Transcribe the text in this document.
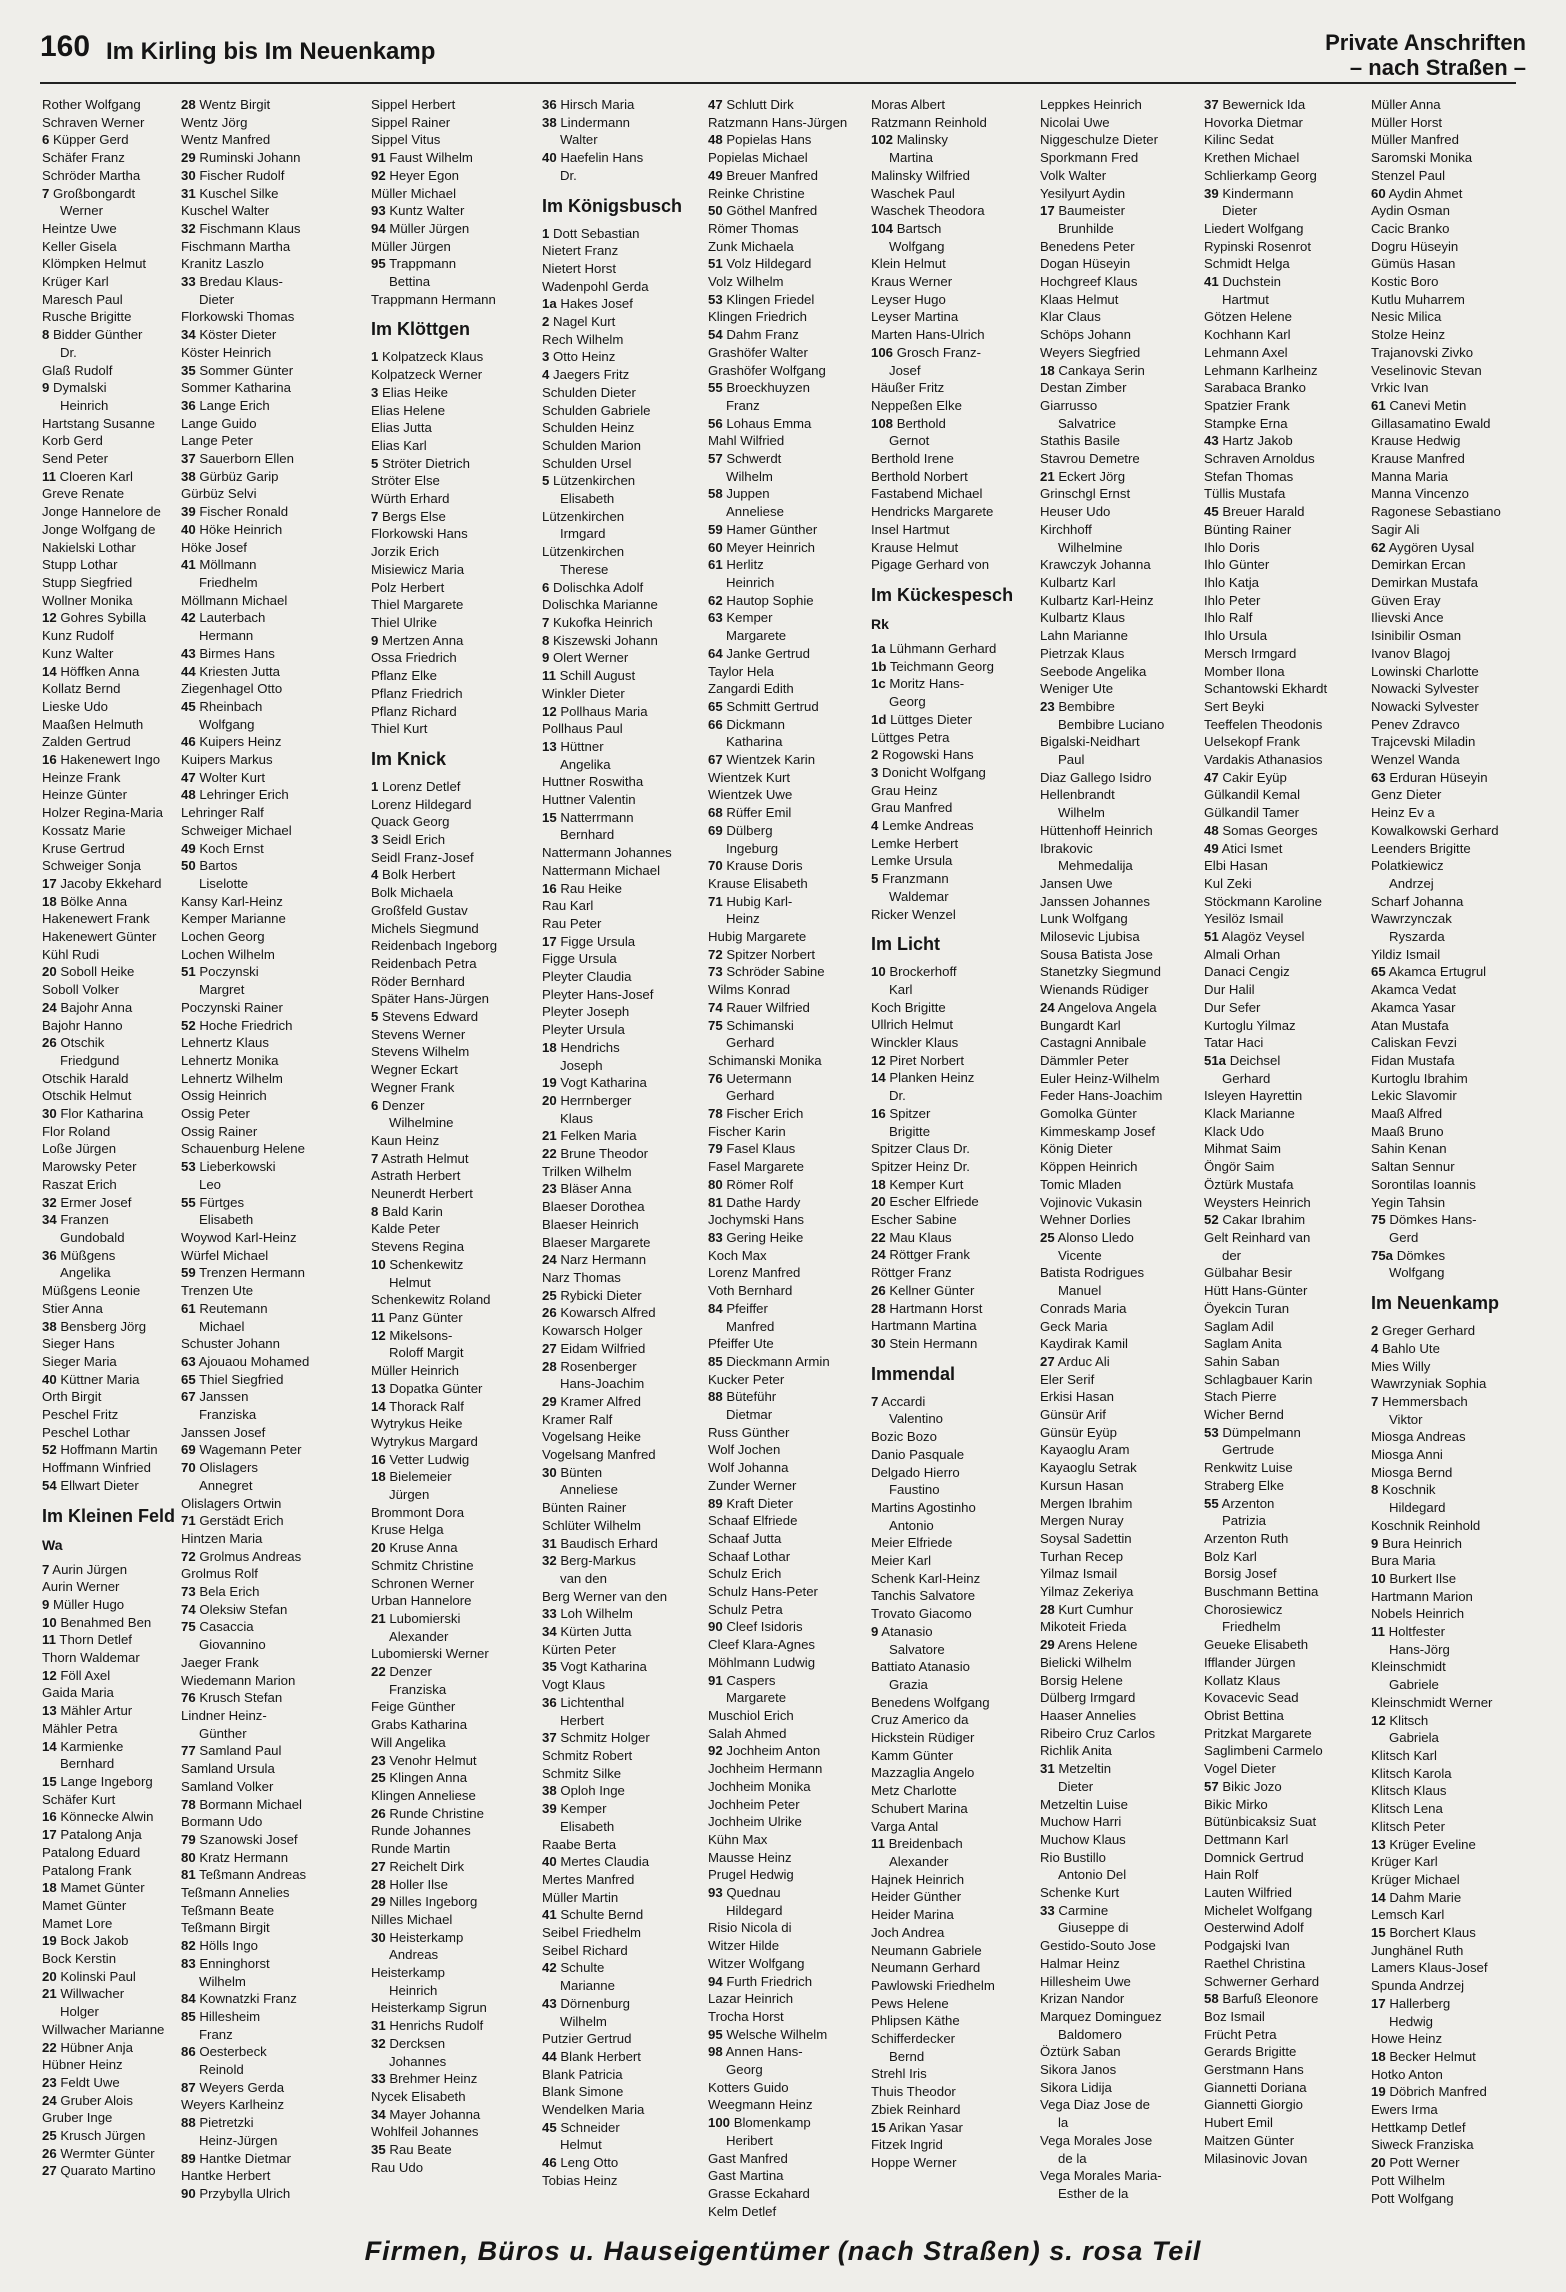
160 Im Kirling bis Im Neuenkamp	Private Anschriften
– nach Straßen –
Rother Wolfgang
Schraven Werner
6 Küpper Gerd
Schäfer Franz
Schröder Martha
7 Großbongardt
Werner
Heintze Uwe
Keller Gisela
Klömpken Helmut
Krüger Karl
Maresch Paul
Rusche Brigitte
8 Bidder Günther
Dr.
Glaß Rudolf
9 Dymalski
Heinrich
Hartstang Susanne
Korb Gerd
Send Peter
11 Cloeren Karl
Greve Renate
Jonge Hannelore de
Jonge Wolfgang de
Nakielski Lothar
Stupp Lothar
Stupp Siegfried
Wollner Monika
12 Gohres Sybilla
Kunz Rudolf
Kunz Walter
14 Höffken Anna
Kollatz Bernd
Lieske Udo
Maaßen Helmuth
Zalden Gertrud
16 Hakenewert Ingo
Heinze Frank
Heinze Günter
Holzer Regina-Maria
Kossatz Marie
Kruse Gertrud
Schweiger Sonja
17 Jacoby Ekkehard
18 Bölke Anna
Hakenewert Frank
Hakenewert Günter
Kühl Rudi
20 Soboll Heike
Soboll Volker
24 Bajohr Anna
Bajohr Hanno
26 Otschik
Friedgund
Otschik Harald
Otschik Helmut
30 Flor Katharina
Flor Roland
Loße Jürgen
Marowsky Peter
Raszat Erich
32 Ermer Josef
34 Franzen
Gundobald
36 Müßgens
Angelika
Müßgens Leonie
Stier Anna
38 Bensberg Jörg
Sieger Hans
Sieger Maria
40 Küttner Maria
Orth Birgit
Peschel Fritz
Peschel Lothar
52 Hoffmann Martin
Hoffmann Winfried
54 Ellwart Dieter
Im Kleinen Feld
Wa
7 Aurin Jürgen
Aurin Werner
9 Müller Hugo
10 Benahmed Ben
11 Thorn Detlef
Thorn Waldemar
12 Föll Axel
Gaida Maria
13 Mähler Artur
Mähler Petra
14 Karmienke
Bernhard
15 Lange Ingeborg
Schäfer Kurt
16 Könnecke Alwin
17 Patalong Anja
Patalong Eduard
Patalong Frank
18 Mamet Günter
Mamet Günter
Mamet Lore
19 Bock Jakob
Bock Kerstin
20 Kolinski Paul
21 Willwacher
Holger
Willwacher Marianne
22 Hübner Anja
Hübner Heinz
23 Feldt Uwe
24 Gruber Alois
Gruber Inge
25 Krusch Jürgen
26 Wermter Günter
27 Quarato Martino
28 Wentz Birgit
Wentz Jörg
Wentz Manfred
29 Ruminski Johann
30 Fischer Rudolf
31 Kuschel Silke
Kuschel Walter
32 Fischmann Klaus
Fischmann Martha
Kranitz Laszlo
33 Bredau Klaus-
Dieter
Florkowski Thomas
34 Köster Dieter
Köster Heinrich
35 Sommer Günter
Sommer Katharina
36 Lange Erich
Lange Guido
Lange Peter
37 Sauerborn Ellen
38 Gürbüz Garip
Gürbüz Selvi
39 Fischer Ronald
40 Höke Heinrich
Höke Josef
41 Möllmann
Friedhelm
Möllmann Michael
42 Lauterbach
Hermann
43 Birmes Hans
44 Kriesten Jutta
Ziegenhagel Otto
45 Rheinbach
Wolfgang
46 Kuipers Heinz
Kuipers Markus
47 Wolter Kurt
48 Lehringer Erich
Lehringer Ralf
Schweiger Michael
49 Koch Ernst
50 Bartos
Liselotte
Kansy Karl-Heinz
Kemper Marianne
Lochen Georg
Lochen Wilhelm
51 Poczynski
Margret
Poczynski Rainer
52 Hoche Friedrich
Lehnertz Klaus
Lehnertz Monika
Lehnertz Wilhelm
Ossig Heinrich
Ossig Peter
Ossig Rainer
Schauenburg Helene
53 Lieberkowski
Leo
55 Fürtges
Elisabeth
Woywod Karl-Heinz
Würfel Michael
59 Trenzen Hermann
Trenzen Ute
61 Reutemann
Michael
Schuster Johann
63 Ajouaou Mohamed
65 Thiel Siegfried
67 Janssen
Franziska
Janssen Josef
69 Wagemann Peter
70 Olislagers
Annegret
Olislagers Ortwin
71 Gerstädt Erich
Hintzen Maria
72 Grolmus Andreas
Grolmus Rolf
73 Bela Erich
74 Oleksiw Stefan
75 Casaccia
Giovannino
Jaeger Frank
Wiedemann Marion
76 Krusch Stefan
Lindner Heinz-
Günther
77 Samland Paul
Samland Ursula
Samland Volker
78 Bormann Michael
Bormann Udo
79 Szanowski Josef
80 Kratz Hermann
81 Teßmann Andreas
Teßmann Annelies
Teßmann Beate
Teßmann Birgit
82 Hölls Ingo
83 Enninghorst
Wilhelm
84 Kownatzki Franz
85 Hillesheim
Franz
86 Oesterbeck
Reinold
87 Weyers Gerda
Weyers Karlheinz
88 Pietretzki
Heinz-Jürgen
89 Hantke Dietmar
Hantke Herbert
90 Przybylla Ulrich
Sippel Herbert
Sippel Rainer
Sippel Vitus
91 Faust Wilhelm
92 Heyer Egon
Müller Michael
93 Kuntz Walter
94 Müller Jürgen
Müller Jürgen
95 Trappmann
Bettina
Trappmann Hermann
Im Klöttgen
1 Kolpatzeck Klaus
Kolpatzeck Werner
3 Elias Heike
Elias Helene
Elias Jutta
Elias Karl
5 Ströter Dietrich
Ströter Else
Würth Erhard
7 Bergs Else
Florkowski Hans
Jorzik Erich
Misiewicz Maria
Polz Herbert
Thiel Margarete
Thiel Ulrike
9 Mertzen Anna
Ossa Friedrich
Pflanz Elke
Pflanz Friedrich
Pflanz Richard
Thiel Kurt
Im Knick
1 Lorenz Detlef
Lorenz Hildegard
Quack Georg
3 Seidl Erich
Seidl Franz-Josef
4 Bolk Herbert
Bolk Michaela
Großfeld Gustav
Michels Siegmund
Reidenbach Ingeborg
Reidenbach Petra
Röder Bernhard
Später Hans-Jürgen
5 Stevens Edward
Stevens Werner
Stevens Wilhelm
Wegner Eckart
Wegner Frank
6 Denzer
Wilhelmine
Kaun Heinz
7 Astrath Helmut
Astrath Herbert
Neunerdt Herbert
8 Bald Karin
Kalde Peter
Stevens Regina
10 Schenkewitz
Helmut
Schenkewitz Roland
11 Panz Günter
12 Mikelsons-
Roloff Margit
Müller Heinrich
13 Dopatka Günter
14 Thorack Ralf
Wytrykus Heike
Wytrykus Margard
16 Vetter Ludwig
18 Bielemeier
Jürgen
Brommont Dora
Kruse Helga
20 Kruse Anna
Schmitz Christine
Schronen Werner
Urban Hannelore
21 Lubomierski
Alexander
Lubomierski Werner
22 Denzer
Franziska
Feige Günther
Grabs Katharina
Will Angelika
23 Venohr Helmut
25 Klingen Anna
Klingen Anneliese
26 Runde Christine
Runde Johannes
Runde Martin
27 Reichelt Dirk
28 Holler Ilse
29 Nilles Ingeborg
Nilles Michael
30 Heisterkamp
Andreas
Heisterkamp
Heinrich
Heisterkamp Sigrun
31 Henrichs Rudolf
32 Dercksen
Johannes
33 Brehmer Heinz
Nycek Elisabeth
34 Mayer Johanna
Wohlfeil Johannes
35 Rau Beate
Rau Udo
36 Hirsch Maria
38 Lindermann
Walter
40 Haefelin Hans
Dr.
Im Königsbusch
1 Dott Sebastian
Nietert Franz
Nietert Horst
Wadenpohl Gerda
1a Hakes Josef
2 Nagel Kurt
Rech Wilhelm
3 Otto Heinz
4 Jaegers Fritz
Schulden Dieter
Schulden Gabriele
Schulden Heinz
Schulden Marion
Schulden Ursel
5 Lützenkirchen
Elisabeth
Lützenkirchen
Irmgard
Lützenkirchen
Therese
6 Dolischka Adolf
Dolischka Marianne
7 Kukofka Heinrich
8 Kiszewski Johann
9 Olert Werner
11 Schill August
Winkler Dieter
12 Pollhaus Maria
Pollhaus Paul
13 Hüttner
Angelika
Huttner Roswitha
Huttner Valentin
15 Natterrmann
Bernhard
Nattermann Johannes
Nattermann Michael
16 Rau Heike
Rau Karl
Rau Peter
17 Figge Ursula
Figge Ursula
Pleyter Claudia
Pleyter Hans-Josef
Pleyter Joseph
Pleyter Ursula
18 Hendrichs
Joseph
19 Vogt Katharina
20 Herrnberger
Klaus
21 Felken Maria
22 Brune Theodor
Trilken Wilhelm
23 Bläser Anna
Blaeser Dorothea
Blaeser Heinrich
Blaeser Margarete
24 Narz Hermann
Narz Thomas
25 Rybicki Dieter
26 Kowarsch Alfred
Kowarsch Holger
27 Eidam Wilfried
28 Rosenberger
Hans-Joachim
29 Kramer Alfred
Kramer Ralf
Vogelsang Heike
Vogelsang Manfred
30 Bünten
Anneliese
Bünten Rainer
Schlüter Wilhelm
31 Baudisch Erhard
32 Berg-Markus
van den
Berg Werner van den
33 Loh Wilhelm
34 Kürten Jutta
Kürten Peter
35 Vogt Katharina
Vogt Klaus
36 Lichtenthal
Herbert
37 Schmitz Holger
Schmitz Robert
Schmitz Silke
38 Oploh Inge
39 Kemper
Elisabeth
Raabe Berta
40 Mertes Claudia
Mertes Manfred
Müller Martin
41 Schulte Bernd
Seibel Friedhelm
Seibel Richard
42 Schulte
Marianne
43 Dörnenburg
Wilhelm
Putzier Gertrud
44 Blank Herbert
Blank Patricia
Blank Simone
Wendelken Maria
45 Schneider
Helmut
46 Leng Otto
Tobias Heinz
47 Schlutt Dirk
Ratzmann Hans-Jürgen
48 Popielas Hans
Popielas Michael
49 Breuer Manfred
Reinke Christine
50 Göthel Manfred
Römer Thomas
Zunk Michaela
51 Volz Hildegard
Volz Wilhelm
53 Klingen Friedel
Klingen Friedrich
54 Dahm Franz
Grashöfer Walter
Grashöfer Wolfgang
55 Broeckhuyzen
Franz
56 Lohaus Emma
Mahl Wilfried
57 Schwerdt
Wilhelm
58 Juppen
Anneliese
59 Hamer Günther
60 Meyer Heinrich
61 Herlitz
Heinrich
62 Hautop Sophie
63 Kemper
Margarete
64 Janke Gertrud
Taylor Hela
Zangardi Edith
65 Schmitt Gertrud
66 Dickmann
Katharina
67 Wientzek Karin
Wientzek Kurt
Wientzek Uwe
68 Rüffer Emil
69 Dülberg
Ingeburg
70 Krause Doris
Krause Elisabeth
71 Hubig Karl-
Heinz
Hubig Margarete
72 Spitzer Norbert
73 Schröder Sabine
Wilms Konrad
74 Rauer Wilfried
75 Schimanski
Gerhard
Schimanski Monika
76 Uetermann
Gerhard
78 Fischer Erich
Fischer Karin
79 Fasel Klaus
Fasel Margarete
80 Römer Rolf
81 Dathe Hardy
Jochymski Hans
83 Gering Heike
Koch Max
Lorenz Manfred
Voth Bernhard
84 Pfeiffer
Manfred
Pfeiffer Ute
85 Dieckmann Armin
Kucker Peter
88 Büteführ
Dietmar
Russ Günther
Wolf Jochen
Wolf Johanna
Zunder Werner
89 Kraft Dieter
Schaaf Elfriede
Schaaf Jutta
Schaaf Lothar
Schulz Erich
Schulz Hans-Peter
Schulz Petra
90 Cleef Isidoris
Cleef Klara-Agnes
Möhlmann Ludwig
91 Caspers
Margarete
Muschiol Erich
Salah Ahmed
92 Jochheim Anton
Jochheim Hermann
Jochheim Monika
Jochheim Peter
Jochheim Ulrike
Kühn Max
Mausse Heinz
Prugel Hedwig
93 Quednau
Hildegard
Risio Nicola di
Witzer Hilde
Witzer Wolfgang
94 Furth Friedrich
Lazar Heinrich
Trocha Horst
95 Welsche Wilhelm
98 Annen Hans-
Georg
Kotters Guido
Weegmann Heinz
100 Blomenkamp
Heribert
Gast Manfred
Gast Martina
Grasse Eckahard
Kelm Detlef
Moras Albert
Ratzmann Reinhold
102 Malinsky
Martina
Malinsky Wilfried
Waschek Paul
Waschek Theodora
104 Bartsch
Wolfgang
Klein Helmut
Kraus Werner
Leyser Hugo
Leyser Martina
Marten Hans-Ulrich
106 Grosch Franz-
Josef
Häußer Fritz
Neppeßen Elke
108 Berthold
Gernot
Berthold Irene
Berthold Norbert
Fastabend Michael
Hendricks Margarete
Insel Hartmut
Krause Helmut
Pigage Gerhard von
Im Kückespesch
Rk
1a Lühmann Gerhard
1b Teichmann Georg
1c Moritz Hans-
Georg
1d Lüttges Dieter
Lüttges Petra
2 Rogowski Hans
3 Donicht Wolfgang
Grau Heinz
Grau Manfred
4 Lemke Andreas
Lemke Herbert
Lemke Ursula
5 Franzmann
Waldemar
Ricker Wenzel
Im Licht
10 Brockerhoff
Karl
Koch Brigitte
Ullrich Helmut
Winckler Klaus
12 Piret Norbert
14 Planken Heinz
Dr.
16 Spitzer
Brigitte
Spitzer Claus Dr.
Spitzer Heinz Dr.
18 Kemper Kurt
20 Escher Elfriede
Escher Sabine
22 Mau Klaus
24 Röttger Frank
Röttger Franz
26 Kellner Günter
28 Hartmann Horst
Hartmann Martina
30 Stein Hermann
Immendal
7 Accardi
Valentino
Bozic Bozo
Danio Pasquale
Delgado Hierro
Faustino
Martins Agostinho
Antonio
Meier Elfriede
Meier Karl
Schenk Karl-Heinz
Tanchis Salvatore
Trovato Giacomo
9 Atanasio
Salvatore
Battiato Atanasio
Grazia
Benedens Wolfgang
Cruz Americo da
Hickstein Rüdiger
Kamm Günter
Mazzaglia Angelo
Metz Charlotte
Schubert Marina
Varga Antal
11 Breidenbach
Alexander
Hajnek Heinrich
Heider Günther
Heider Marina
Joch Andrea
Neumann Gabriele
Neumann Gerhard
Pawlowski Friedhelm
Pews Helene
Phlipsen Käthe
Schifferdecker
Bernd
Strehl Iris
Thuis Theodor
Zbiek Reinhard
15 Arikan Yasar
Fitzek Ingrid
Hoppe Werner
Leppkes Heinrich
Nicolai Uwe
Niggeschulze Dieter
Sporkmann Fred
Volk Walter
Yesilyurt Aydin
17 Baumeister
Brunhilde
Benedens Peter
Dogan Hüseyin
Hochgreef Klaus
Klaas Helmut
Klar Claus
Schöps Johann
Weyers Siegfried
18 Cankaya Serin
Destan Zimber
Giarrusso
Salvatrice
Stathis Basile
Stavrou Demetre
21 Eckert Jörg
Grinschgl Ernst
Heuser Udo
Kirchhoff
Wilhelmine
Krawczyk Johanna
Kulbartz Karl
Kulbartz Karl-Heinz
Kulbartz Klaus
Lahn Marianne
Pietrzak Klaus
Seebode Angelika
Weniger Ute
23 Bembibre
Bembibre Luciano
Bigalski-Neidhart
Paul
Diaz Gallego Isidro
Hellenbrandt
Wilhelm
Hüttenhoff Heinrich
Ibrakovic
Mehmedalija
Jansen Uwe
Janssen Johannes
Lunk Wolfgang
Milosevic Ljubisa
Sousa Batista Jose
Stanetzky Siegmund
Wienands Rüdiger
24 Angelova Angela
Bungardt Karl
Castagni Annibale
Dämmler Peter
Euler Heinz-Wilhelm
Feder Hans-Joachim
Gomolka Günter
Kimmeskamp Josef
König Dieter
Köppen Heinrich
Tomic Mladen
Vojinovic Vukasin
Wehner Dorlies
25 Alonso Lledo
Vicente
Batista Rodrigues
Manuel
Conrads Maria
Geck Maria
Kaydirak Kamil
27 Arduc Ali
Eler Serif
Erkisi Hasan
Günsür Arif
Günsür Eyüp
Kayaoglu Aram
Kayaoglu Setrak
Kursun Hasan
Mergen Ibrahim
Mergen Nuray
Soysal Sadettin
Turhan Recep
Yilmaz Ismail
Yilmaz Zekeriya
28 Kurt Cumhur
Mikoteit Frieda
29 Arens Helene
Bielicki Wilhelm
Borsig Helene
Dülberg Irmgard
Haaser Annelies
Ribeiro Cruz Carlos
Richlik Anita
31 Metzeltin
Dieter
Metzeltin Luise
Muchow Harri
Muchow Klaus
Rio Bustillo
Antonio Del
Schenke Kurt
33 Carmine
Giuseppe di
Gestido-Souto Jose
Halmar Heinz
Hillesheim Uwe
Krizan Nandor
Marquez Dominguez
Baldomero
Öztürk Saban
Sikora Janos
Sikora Lidija
Vega Diaz Jose de
la
Vega Morales Jose
de la
Vega Morales Maria-
Esther de la
37 Bewernick Ida
Hovorka Dietmar
Kilinc Sedat
Krethen Michael
Schlierkamp Georg
39 Kindermann
Dieter
Liedert Wolfgang
Rypinski Rosenrot
Schmidt Helga
41 Duchstein
Hartmut
Götzen Helene
Kochhann Karl
Lehmann Axel
Lehmann Karlheinz
Sarabaca Branko
Spatzier Frank
Stampke Erna
43 Hartz Jakob
Schraven Arnoldus
Stefan Thomas
Tüllis Mustafa
45 Breuer Harald
Bünting Rainer
Ihlo Doris
Ihlo Günter
Ihlo Katja
Ihlo Peter
Ihlo Ralf
Ihlo Ursula
Mersch Irmgard
Momber Ilona
Schantowski Ekhardt
Sert Beyki
Teeffelen Theodonis
Uelsekopf Frank
Vardakis Athanasios
47 Cakir Eyüp
Gülkandil Kemal
Gülkandil Tamer
48 Somas Georges
49 Atici Ismet
Elbi Hasan
Kul Zeki
Stöckmann Karoline
Yesilöz Ismail
51 Alagöz Veysel
Almali Orhan
Danaci Cengiz
Dur Halil
Dur Sefer
Kurtoglu Yilmaz
Tatar Haci
51a Deichsel
Gerhard
Isleyen Hayrettin
Klack Marianne
Klack Udo
Mihmat Saim
Öngör Saim
Öztürk Mustafa
Weysters Heinrich
52 Cakar Ibrahim
Gelt Reinhard van
der
Gülbahar Besir
Hütt Hans-Günter
Öyekcin Turan
Saglam Adil
Saglam Anita
Sahin Saban
Schlagbauer Karin
Stach Pierre
Wicher Bernd
53 Dümpelmann
Gertrude
Renkwitz Luise
Straberg Elke
55 Arzenton
Patrizia
Arzenton Ruth
Bolz Karl
Borsig Josef
Buschmann Bettina
Chorosiewicz
Friedhelm
Geueke Elisabeth
Ifflander Jürgen
Kollatz Klaus
Kovacevic Sead
Obrist Bettina
Pritzkat Margarete
Saglimbeni Carmelo
Vogel Dieter
57 Bikic Jozo
Bikic Mirko
Bütünbicaksiz Suat
Dettmann Karl
Domnick Gertrud
Hain Rolf
Lauten Wilfried
Michelet Wolfgang
Oesterwind Adolf
Podgajski Ivan
Raethel Christina
Schwerner Gerhard
58 Barfuß Eleonore
Boz Ismail
Frücht Petra
Gerards Brigitte
Gerstmann Hans
Giannetti Doriana
Giannetti Giorgio
Hubert Emil
Maitzen Günter
Milasinovic Jovan
Müller Anna
Müller Horst
Müller Manfred
Saromski Monika
Stenzel Paul
60 Aydin Ahmet
Aydin Osman
Cacic Branko
Dogru Hüseyin
Gümüs Hasan
Kostic Boro
Kutlu Muharrem
Nesic Milica
Stolze Heinz
Trajanovski Zivko
Veselinovic Stevan
Vrkic Ivan
61 Canevi Metin
Gillasamatino Ewald
Krause Hedwig
Krause Manfred
Manna Maria
Manna Vincenzo
Ragonese Sebastiano
Sagir Ali
62 Aygören Uysal
Demirkan Ercan
Demirkan Mustafa
Güven Eray
Ilievski Ance
Isinibilir Osman
Ivanov Blagoj
Lowinski Charlotte
Nowacki Sylvester
Nowacki Sylvester
Penev Zdravco
Trajcevski Miladin
Wenzel Wanda
63 Erduran Hüseyin
Genz Dieter
Heinz Ev a
Kowalkowski Gerhard
Leenders Brigitte
Polatkiewicz
Andrzej
Scharf Johanna
Wawrzynczak
Ryszarda
Yildiz Ismail
65 Akamca Ertugrul
Akamca Vedat
Akamca Yasar
Atan Mustafa
Caliskan Fevzi
Fidan Mustafa
Kurtoglu Ibrahim
Lekic Slavomir
Maaß Alfred
Maaß Bruno
Sahin Kenan
Saltan Sennur
Sorontilas Ioannis
Yegin Tahsin
75 Dömkes Hans-
Gerd
75a Dömkes
Wolfgang
Im Neuenkamp
2 Greger Gerhard
4 Bahlo Ute
Mies Willy
Wawrzyniak Sophia
7 Hemmersbach
Viktor
Miosga Andreas
Miosga Anni
Miosga Bernd
8 Koschnik
Hildegard
Koschnik Reinhold
9 Bura Heinrich
Bura Maria
10 Burkert Ilse
Hartmann Marion
Nobels Heinrich
11 Holtfester
Hans-Jörg
Kleinschmidt
Gabriele
Kleinschmidt Werner
12 Klitsch
Gabriela
Klitsch Karl
Klitsch Karola
Klitsch Klaus
Klitsch Lena
Klitsch Peter
13 Krüger Eveline
Krüger Karl
Krüger Michael
14 Dahm Marie
Lemsch Karl
15 Borchert Klaus
Junghänel Ruth
Lamers Klaus-Josef
Spunda Andrzej
17 Hallerberg
Hedwig
Howe Heinz
18 Becker Helmut
Hotko Anton
19 Döbrich Manfred
Ewers Irma
Hettkamp Detlef
Siweck Franziska
20 Pott Werner
Pott Wilhelm
Pott Wolfgang
Firmen, Büros u. Hauseigentümer (nach Straßen) s. rosa Teil
